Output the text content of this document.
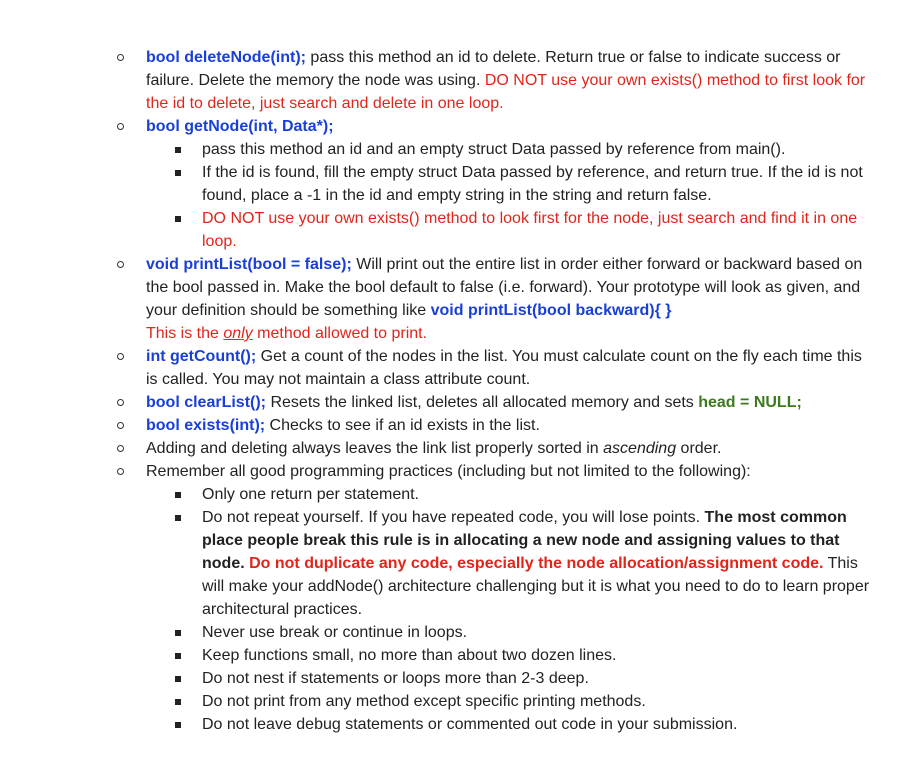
bool deleteNode(int); pass this method an id to delete. Return true or false to indicate success or failure. Delete the memory the node was using. DO NOT use your own exists() method to first look for the id to delete, just search and delete in one loop.
bool getNode(int, Data*);
pass this method an id and an empty struct Data passed by reference from main().
If the id is found, fill the empty struct Data passed by reference, and return true. If the id is not found, place a -1 in the id and empty string in the string and return false.
DO NOT use your own exists() method to look first for the node, just search and find it in one loop.
void printList(bool = false); Will print out the entire list in order either forward or backward based on the bool passed in. Make the bool default to false (i.e. forward). Your prototype will look as given, and your definition should be something like void printList(bool backward){ }
This is the only method allowed to print.
int getCount(); Get a count of the nodes in the list. You must calculate count on the fly each time this is called. You may not maintain a class attribute count.
bool clearList(); Resets the linked list, deletes all allocated memory and sets head = NULL;
bool exists(int); Checks to see if an id exists in the list.
Adding and deleting always leaves the link list properly sorted in ascending order.
Remember all good programming practices (including but not limited to the following):
Only one return per statement.
Do not repeat yourself. If you have repeated code, you will lose points. The most common place people break this rule is in allocating a new node and assigning values to that node. Do not duplicate any code, especially the node allocation/assignment code. This will make your addNode() architecture challenging but it is what you need to do to learn proper architectural practices.
Never use break or continue in loops.
Keep functions small, no more than about two dozen lines.
Do not nest if statements or loops more than 2-3 deep.
Do not print from any method except specific printing methods.
Do not leave debug statements or commented out code in your submission.
